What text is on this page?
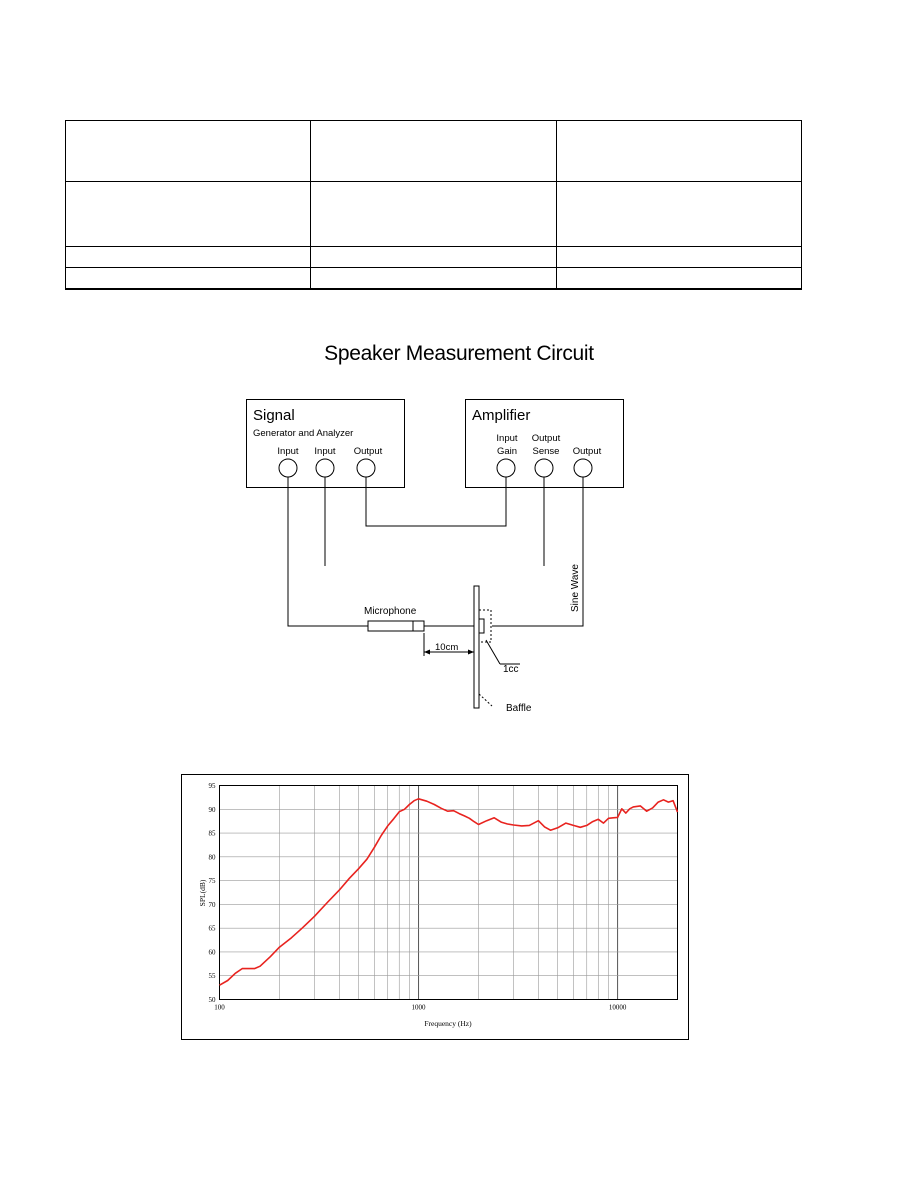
Speaker Measurement Circuit
Signal
Generator and Analyzer
Input Input Output
Amplifier
Input
Gain
Output
Sense Output
Microphone
10cm
1cc
Baffle
Sine Wave
50
55
60
65
70
75
80
85
90
95
100	1000	10000
Frequency (Hz)
SPL(dB)
